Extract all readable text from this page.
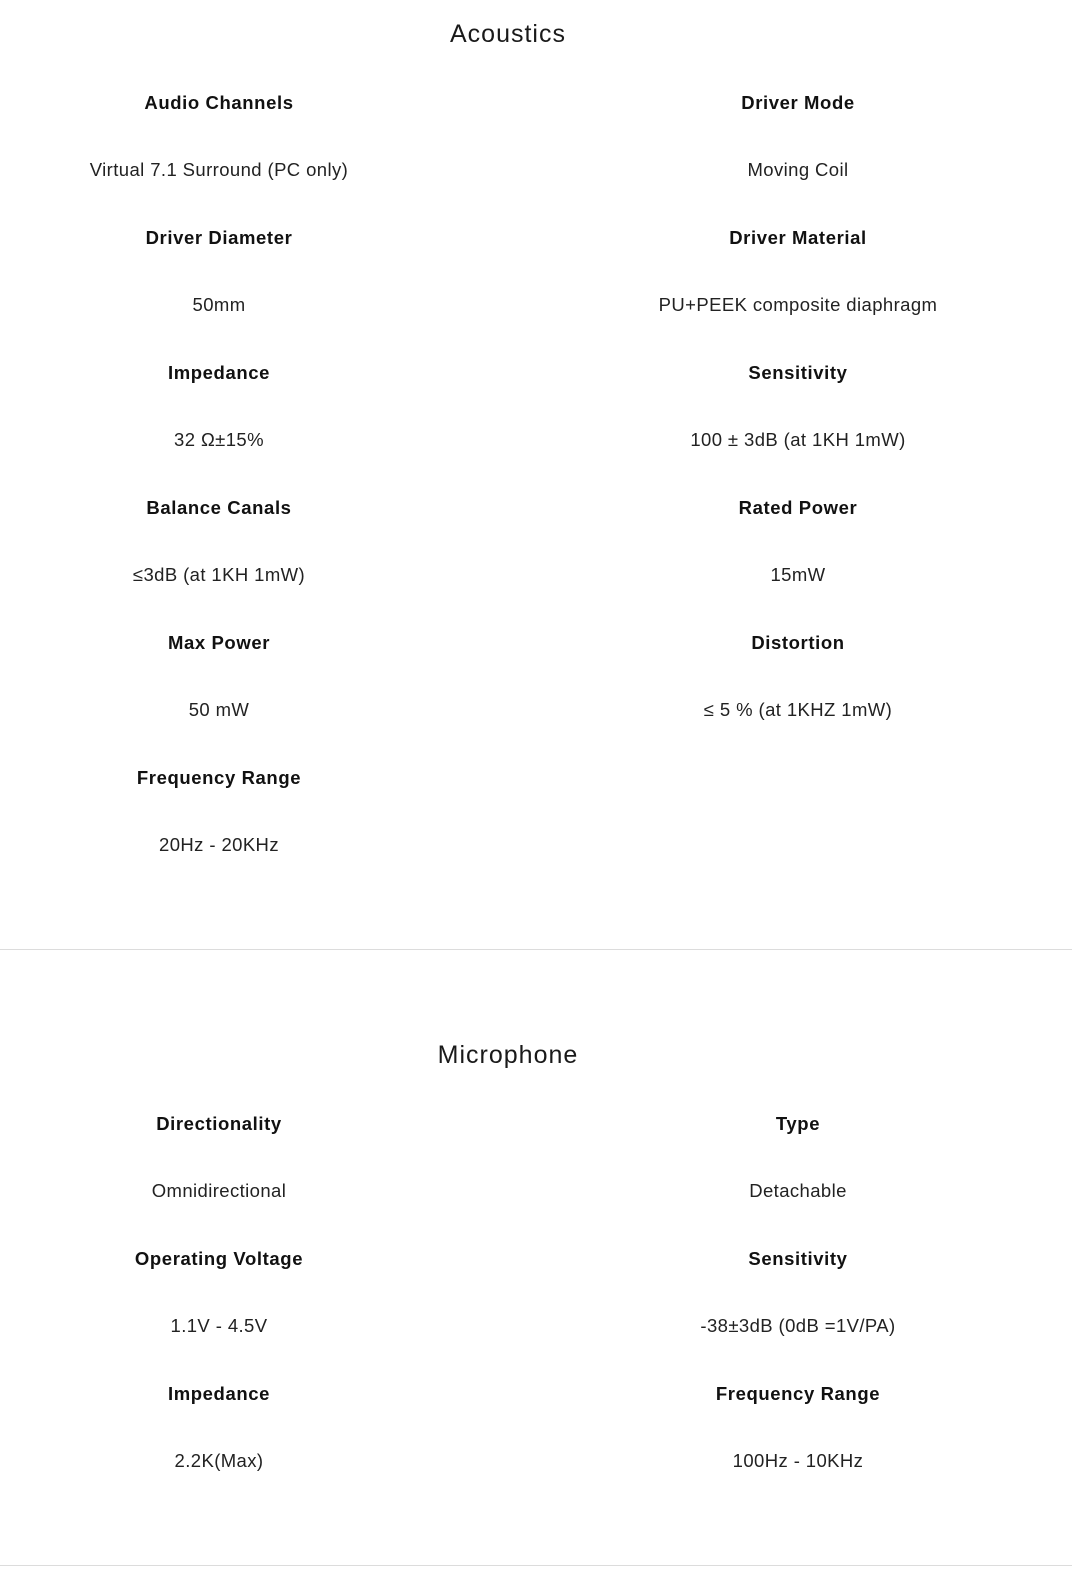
Acoustics
Audio Channels
Virtual 7.1 Surround (PC only)
Driver Mode
Moving Coil
Driver Diameter
50mm
Driver Material
PU+PEEK composite diaphragm
Impedance
32 Ω±15%
Sensitivity
100 ± 3dB (at 1KH 1mW)
Balance Canals
≤3dB (at 1KH 1mW)
Rated Power
15mW
Max Power
50 mW
Distortion
≤ 5 % (at 1KHZ 1mW)
Frequency Range
20Hz - 20KHz
Microphone
Directionality
Omnidirectional
Type
Detachable
Operating Voltage
1.1V - 4.5V
Sensitivity
-38±3dB (0dB =1V/PA)
Impedance
2.2K(Max)
Frequency Range
100Hz - 10KHz
